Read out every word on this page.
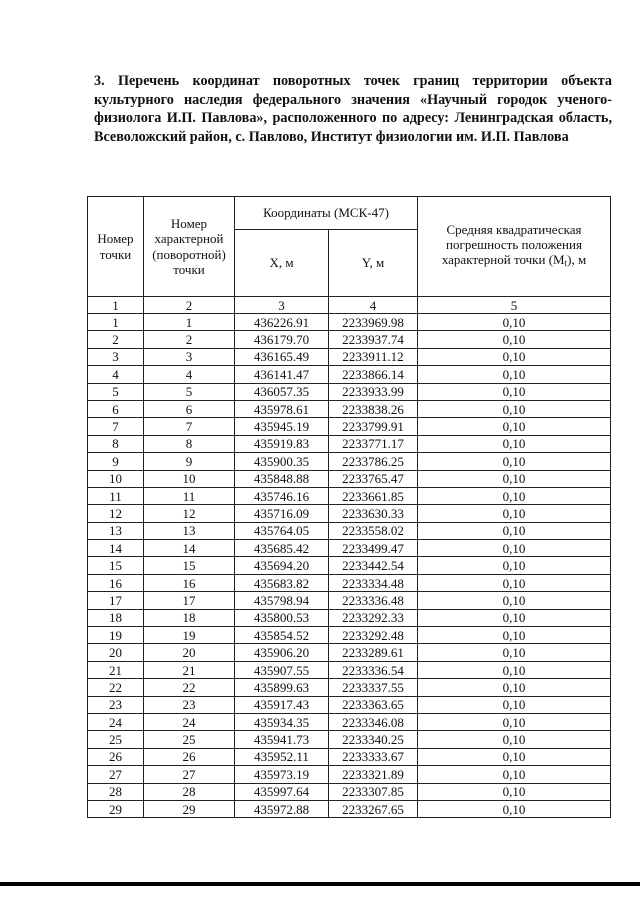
3. Перечень координат поворотных точек границ территории объекта культурного наследия федерального значения «Научный городок ученого-физиолога И.П. Павлова», расположенного по адресу: Ленинградская область, Всеволожский район, с. Павлово, Институт физиологии им. И.П. Павлова
Номер точки	Номер характерной (поворотной) точки	Координаты (МСК-47)		Средняя квадратическая погрешность положения характерной точки $(M_t)$, м
		X, м	Y, м	
1	2	3	4	5
1	1	436226.91	2233969.98	0,10
2	2	436179.70	2233937.74	0,10
3	3	436165.49	2233911.12	0,10
4	4	436141.47	2233866.14	0,10
5	5	436057.35	2233933.99	0,10
6	6	435978.61	2233838.26	0,10
7	7	435945.19	2233799.91	0,10
8	8	435919.83	2233771.17	0,10
9	9	435900.35	2233786.25	0,10
10	10	435848.88	2233765.47	0,10
11	11	435746.16	2233661.85	0,10
12	12	435716.09	2233630.33	0,10
13	13	435764.05	2233558.02	0,10
14	14	435685.42	2233499.47	0,10
15	15	435694.20	2233442.54	0,10
16	16	435683.82	2233334.48	0,10
17	17	435798.94	2233336.48	0,10
18	18	435800.53	2233292.33	0,10
19	19	435854.52	2233292.48	0,10
20	20	435906.20	2233289.61	0,10
21	21	435907.55	2233336.54	0,10
22	22	435899.63	2233337.55	0,10
23	23	435917.43	2233363.65	0,10
24	24	435934.35	2233346.08	0,10
25	25	435941.73	2233340.25	0,10
26	26	435952.11	2233333.67	0,10
27	27	435973.19	2233321.89	0,10
28	28	435997.64	2233307.85	0,10
29	29	435972.88	2233267.65	0,10
